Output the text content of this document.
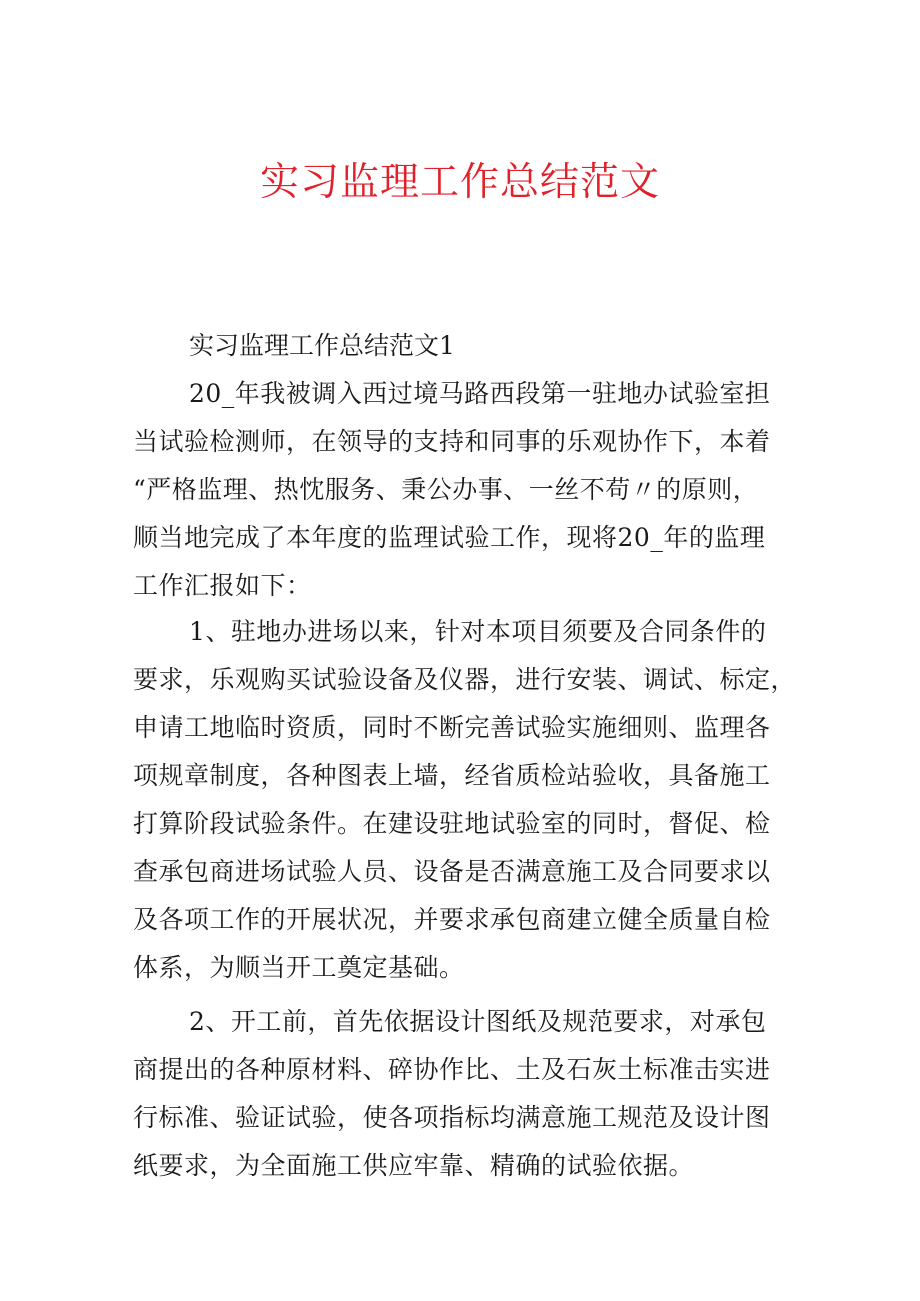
实习监理工作总结范文
实习监理工作总结范文1
20_年我被调入西过境马路西段第一驻地办试验室担
当试验检测师，在领导的支持和同事的乐观协作下，本着
“严格监理、热忱服务、秉公办事、一丝不苟〃的原则，
顺当地完成了本年度的监理试验工作，现将20_年的监理
工作汇报如下：
1、驻地办进场以来，针对本项目须要及合同条件的
要求，乐观购买试验设备及仪器，进行安装、调试、标定，
申请工地临时资质，同时不断完善试验实施细则、监理各
项规章制度，各种图表上墙，经省质检站验收，具备施工
打算阶段试验条件。在建设驻地试验室的同时，督促、检
查承包商进场试验人员、设备是否满意施工及合同要求以
及各项工作的开展状况，并要求承包商建立健全质量自检
体系，为顺当开工奠定基础。
2、开工前，首先依据设计图纸及规范要求，对承包
商提出的各种原材料、碎协作比、土及石灰土标准击实进
行标准、验证试验，使各项指标均满意施工规范及设计图
纸要求，为全面施工供应牢靠、精确的试验依据。
